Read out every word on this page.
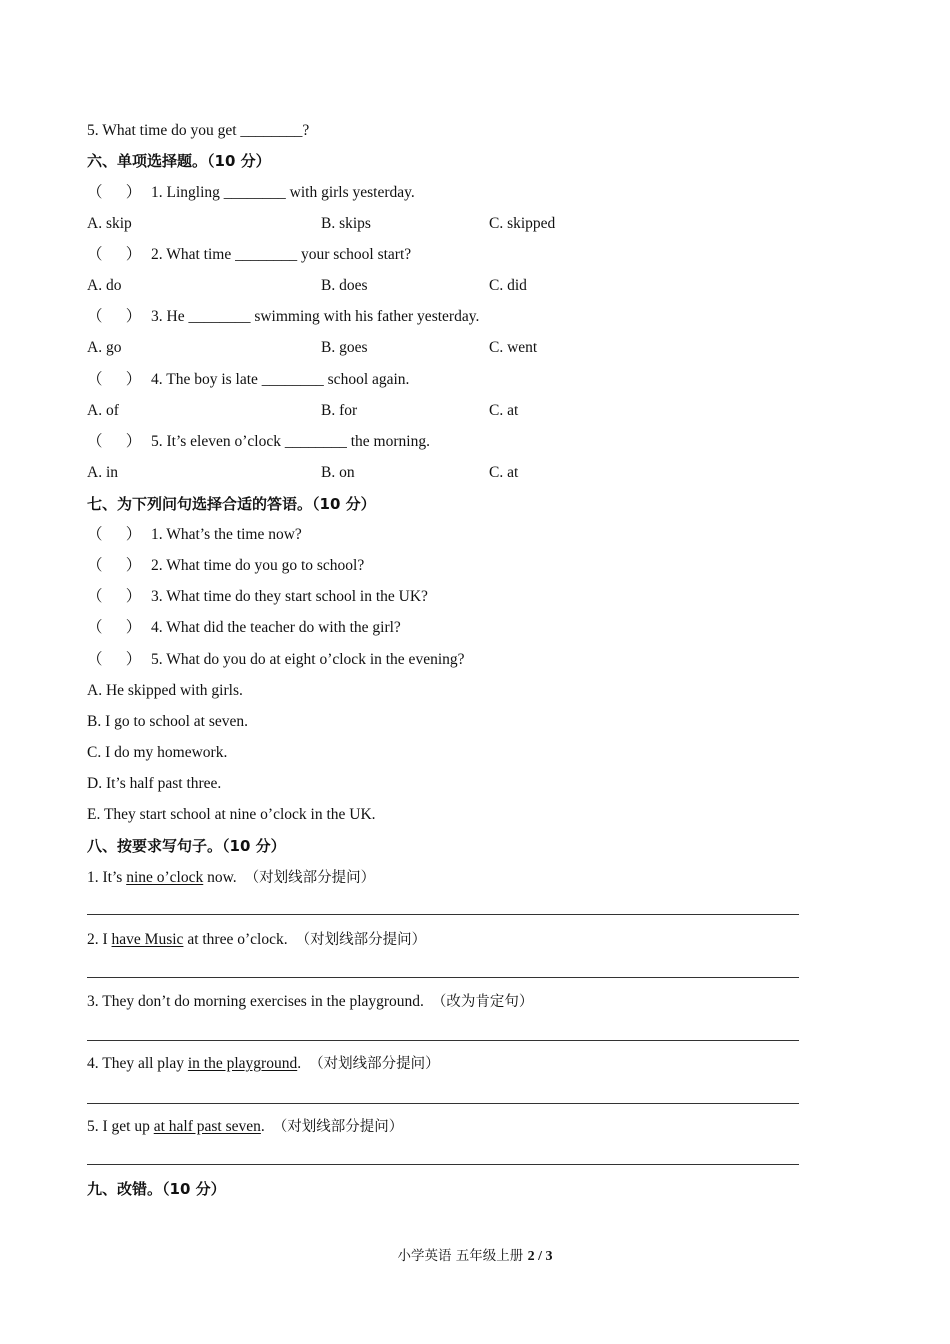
5. What time do you get ________?
六、单项选择题。（10 分）
（ ） 1. Lingling ________ with girls yesterday.
A. skip	B. skips	C. skipped
（ ） 2. What time ________ your school start?
A. do	B. does	C. did
（ ） 3. He ________ swimming with his father yesterday.
A. go	B. goes	C. went
（ ） 4. The boy is late ________ school again.
A. of	B. for	C. at
（ ） 5. It’s eleven o’clock ________ the morning.
A. in	B. on	C. at
七、为下列问句选择合适的答语。（10 分）
（      ） 1. What’s the time now?
（      ） 2. What time do you go to school?
（      ） 3. What time do they start school in the UK?
（      ） 4. What did the teacher do with the girl?
（      ） 5. What do you do at eight o’clock in the evening?
A. He skipped with girls.
B. I go to school at seven.
C. I do my homework.
D. It’s half past three.
E. They start school at nine o’clock in the UK.
八、按要求写句子。（10 分）
1. It’s nine o’clock now. （对划线部分提问）
2. I have Music at three o’clock. （对划线部分提问）
3. They don’t do morning exercises in the playground. （改为肯定句）
4. They all play in the playground. （对划线部分提问）
5. I get up at half past seven. （对划线部分提问）
九、改错。（10 分）
小学英语 五年级上册 2 / 3
